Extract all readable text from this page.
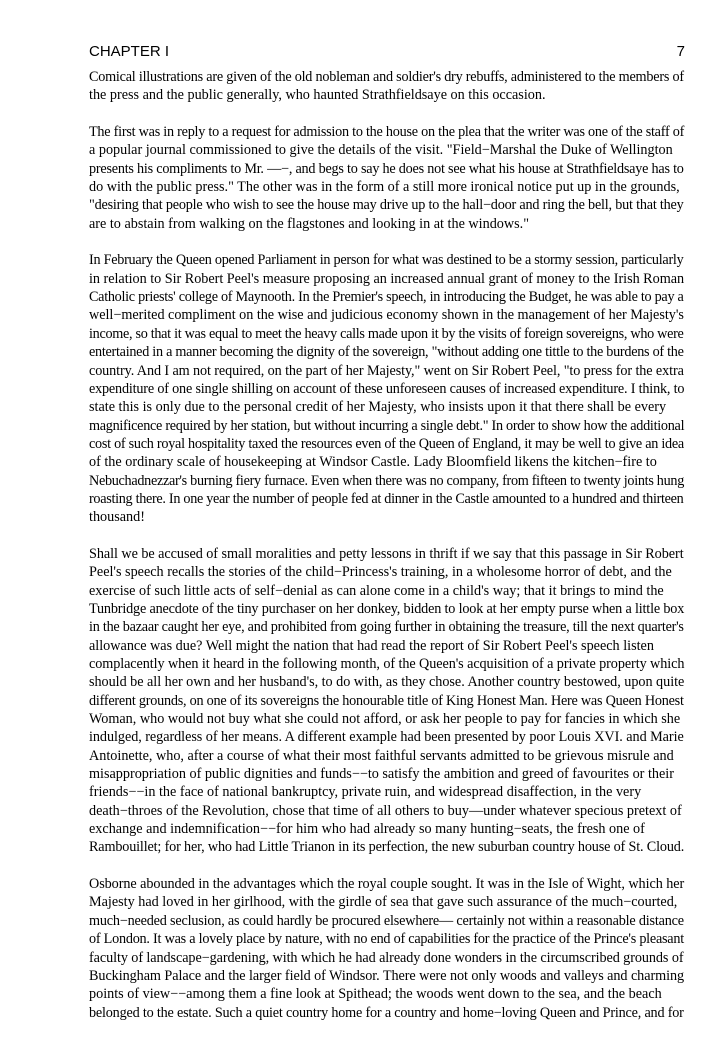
CHAPTER I	7

Comical illustrations are given of the old nobleman and soldier's dry rebuffs, administered to the members of
the press and the public generally, who haunted Strathfieldsaye on this occasion.

The first was in reply to a request for admission to the house on the plea that the writer was one of the staff of
a popular journal commissioned to give the details of the visit. "Field−Marshal the Duke of Wellington
presents his compliments to Mr. —−, and begs to say he does not see what his house at Strathfieldsaye has to
do with the public press." The other was in the form of a still more ironical notice put up in the grounds,
"desiring that people who wish to see the house may drive up to the hall−door and ring the bell, but that they
are to abstain from walking on the flagstones and looking in at the windows."

In February the Queen opened Parliament in person for what was destined to be a stormy session, particularly
in relation to Sir Robert Peel's measure proposing an increased annual grant of money to the Irish Roman
Catholic priests' college of Maynooth. In the Premier's speech, in introducing the Budget, he was able to pay a
well−merited compliment on the wise and judicious economy shown in the management of her Majesty's
income, so that it was equal to meet the heavy calls made upon it by the visits of foreign sovereigns, who were
entertained in a manner becoming the dignity of the sovereign, "without adding one tittle to the burdens of the
country. And I am not required, on the part of her Majesty," went on Sir Robert Peel, "to press for the extra
expenditure of one single shilling on account of these unforeseen causes of increased expenditure. I think, to
state this is only due to the personal credit of her Majesty, who insists upon it that there shall be every
magnificence required by her station, but without incurring a single debt." In order to show how the additional
cost of such royal hospitality taxed the resources even of the Queen of England, it may be well to give an idea
of the ordinary scale of housekeeping at Windsor Castle. Lady Bloomfield likens the kitchen−fire to
Nebuchadnezzar's burning fiery furnace. Even when there was no company, from fifteen to twenty joints hung
roasting there. In one year the number of people fed at dinner in the Castle amounted to a hundred and thirteen
thousand!

Shall we be accused of small moralities and petty lessons in thrift if we say that this passage in Sir Robert
Peel's speech recalls the stories of the child−Princess's training, in a wholesome horror of debt, and the
exercise of such little acts of self−denial as can alone come in a child's way; that it brings to mind the
Tunbridge anecdote of the tiny purchaser on her donkey, bidden to look at her empty purse when a little box
in the bazaar caught her eye, and prohibited from going further in obtaining the treasure, till the next quarter's
allowance was due? Well might the nation that had read the report of Sir Robert Peel's speech listen
complacently when it heard in the following month, of the Queen's acquisition of a private property which
should be all her own and her husband's, to do with, as they chose. Another country bestowed, upon quite
different grounds, on one of its sovereigns the honourable title of King Honest Man. Here was Queen Honest
Woman, who would not buy what she could not afford, or ask her people to pay for fancies in which she
indulged, regardless of her means. A different example had been presented by poor Louis XVI. and Marie
Antoinette, who, after a course of what their most faithful servants admitted to be grievous misrule and
misappropriation of public dignities and funds−−to satisfy the ambition and greed of favourites or their
friends−−in the face of national bankruptcy, private ruin, and widespread disaffection, in the very
death−throes of the Revolution, chose that time of all others to buy—under whatever specious pretext of
exchange and indemnification−−for him who had already so many hunting−seats, the fresh one of
Rambouillet; for her, who had Little Trianon in its perfection, the new suburban country house of St. Cloud.

Osborne abounded in the advantages which the royal couple sought. It was in the Isle of Wight, which her
Majesty had loved in her girlhood, with the girdle of sea that gave such assurance of the much−courted,
much−needed seclusion, as could hardly be procured elsewhere— certainly not within a reasonable distance
of London. It was a lovely place by nature, with no end of capabilities for the practice of the Prince's pleasant
faculty of landscape−gardening, with which he had already done wonders in the circumscribed grounds of
Buckingham Palace and the larger field of Windsor. There were not only woods and valleys and charming
points of view−−among them a fine look at Spithead; the woods went down to the sea, and the beach
belonged to the estate. Such a quiet country home for a country and home−loving Queen and Prince, and for
